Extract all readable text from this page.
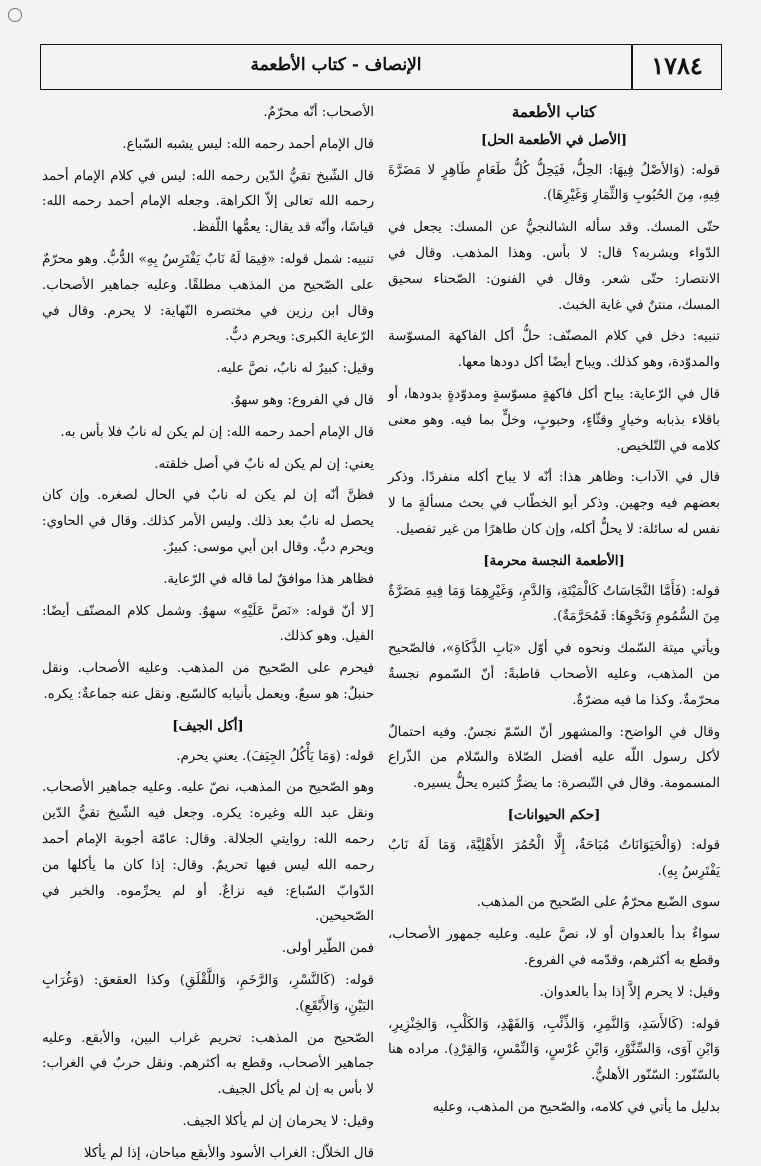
١٧٨٤
الإنصاف - كتاب الأطعمة
كتاب الأطعمة
[الأصل في الأطعمة الحل]

قوله: (وَالأصْلُ فِيهَا: الحِلُّ، فَيَحِلُّ كُلُّ طَعَامٍ طَاهِرٍ لا مَضَرَّةَ فِيهِ، مِنَ الحُبُوبِ وَالثِّمَارِ وَغَيْرِهَا).

حتّى المسك. وقد سأله الشالنجيُّ عن المسك: يجعل في الدّواء ويشربه؟ قال: لا بأس. وهذا المذهب. وقال في الانتصار: حتّى شعر. وقال في الفنون: الصّحناء سحيق المسك، منتنٌ في غاية الخبث.

تنبيه: دخل في كلام المصنّف: حلُّ أكل الفاكهة المسوّسة والمدوّدة، وهو كذلك. ويباح أيضًا أكل دودها معها.

قال في الرّعاية: يباح أكل فاكهةٍ مسوّسةٍ ومدوّدةٍ بدودها، أو باقلاء بذبابه وخيارٍ وقثّاءٍ، وحبوبٍ، وخلٍّ بما فيه. وهو معنى كلامه في التّلخيص.

قال في الآداب: وظاهر هذا: أنّه لا يباح أكله منفردًا. وذكر بعضهم فيه وجهين. وذكر أبو الخطّاب في بحث مسألةٍ ما لا نفس له سائلة: لا يحلُّ أكله، وإن كان طاهرًا من غير تفصيل.

[الأطعمة النجسة محرمة]

قوله: (فَأَمَّا النَّجَاسَاتُ كَالْمَيْتَةِ، وَالدَّمِ، وَغَيْرِهِمَا وَمَا فِيهِ مَضَرَّةٌ مِنَ السُّمُومِ وَنَحْوِهَا: فَمُحَرَّمَةٌ).

ويأتي ميتة السّمك ونحوه في أوّل «بَابِ الذَّكَاةِ»، فالصّحيح من المذهب، وعليه الأصحاب قاطبةً: أنّ السّموم نجسةٌ محرّمةٌ. وكذا ما فيه مضرّةٌ.

وقال في الواضح: والمشهور أنّ السّمّ نجسٌ. وفيه احتمالٌ لأكل رسول اللّه عليه أفضل الصّلاة والسّلام من الذّراع المسمومة. وقال في التّبصرة: ما يضرُّ كثيره يحلُّ يسيره.

[حكم الحيوانات]

قوله: (وَالْحَيَوَانَاتُ مُبَاحَةٌ، إِلَّا الْحُمُرَ الأَهْلِيَّةَ، وَمَا لَهُ نَابٌ يَفْتَرِسُ بِهِ).

سوى الضّبع محرّمٌ على الصّحيح من المذهب.

سواءٌ بدأ بالعدوان أو لا، نصَّ عليه. وعليه جمهور الأصحاب، وقطع به أكثرهم، وقدّمه في الفروع.

وقيل: لا يحرم إلاَّ إذا بدأ بالعدوان.

قوله: (كَالأَسَدِ، وَالنَّمِرِ، وَالذِّئْبِ، وَالفَهْدِ، وَالكَلْبِ، وَالخِنْزِيرِ، وَابْنِ آوَى، وَالسِّنَّوْرِ، وَابْنِ عُرْسٍ، وَالنِّمْسِ، وَالقِرْدِ). مراده هنا بالسّنّور: السّنّور الأهليُّ.

بدليل ما يأتي في كلامه، والصّحيح من المذهب، وعليه

الأصحاب: أنّه محرّمٌ.

قال الإمام أحمد رحمه الله: ليس يشبه السّباع.

قال الشّيخ تقيُّ الدّين رحمه الله: ليس في كلام الإمام أحمد رحمه الله تعالى إلاّ الكراهة. وجعله الإمام أحمد رحمه الله: قياسًا، وأنّه قد يقال: يعمُّها اللّفظ.

تنبيه: شمل قوله: «فِيمَا لَهُ نَابٌ يَفْتَرِسُ بِهِ» الدُّبُّ. وهو محرّمٌ على الصّحيح من المذهب مطلقًا. وعليه جماهير الأصحاب. وقال ابن رزين في مختصره النّهاية: لا يحرم. وقال في الرّعاية الكبرى: ويحرم دبٌّ.

وقيل: كبيرٌ له نابٌ، نصَّ عليه.

قال في الفروع: وهو سهوٌ.

قال الإمام أحمد رحمه الله: إن لم يكن له نابٌ فلا بأس به.

يعني: إن لم يكن له نابٌ في أصل خلقته.

فظنَّ أنّه إن لم يكن له نابٌ في الحال لصغره. وإن كان يحصل له نابٌ بعد ذلك. وليس الأمر كذلك. وقال في الحاوي: ويحرم دبٌّ. وقال ابن أبي موسى: كبيرٌ.

فظاهر هذا موافقٌ لما قاله في الرّعاية.

[لا أنّ قوله: «نَصَّ عَلَيْهِ» سهوٌ. وشمل كلام المصنّف أيضًا: الفيل. وهو كذلك.

فيحرم على الصّحيح من المذهب. وعليه الأصحاب. ونقل حنبلٌ: هو سبعٌ. ويعمل بأنيابه كالسّبع. ونقل عنه جماعةٌ: يكره.

[أكل الجيف]

قوله: (وَمَا يَأْكُلُ الجِيَفَ). يعني يحرم.

وهو الصّحيح من المذهب، نصّ عليه. وعليه جماهير الأصحاب. ونقل عبد الله وغيره: يكره. وجعل فيه الشّيخ تقيُّ الدّين رحمه الله: روايتي الجلالة. وقال: عامّة أجوبة الإمام أحمد رحمه الله ليس فيها تحريمٌ. وقال: إذا كان ما يأكلها من الدّوابّ السّباع: فيه نزاعٌ. أو لم يحرِّموه. والخبر في الصّحيحين.

فمن الطّير أولى.

قوله: (كَالنَّسْرِ، وَالرَّخَمِ، وَاللَّقْلَقِ) وكذا العقعق: (وَغُرَابِ البَيْنِ، وَالأَبْقَعِ).

الصّحيح من المذهب: تحريم غراب البين، والأبقع. وعليه جماهير الأصحاب، وقطع به أكثرهم. ونقل حربٌ في الغراب: لا بأس به إن لم يأكل الجيف.

وقيل: لا يحرمان إن لم يأكلا الجيف.

قال الخلاّل: الغراب الأسود والأبقع مباحان، إذا لم يأكلا
